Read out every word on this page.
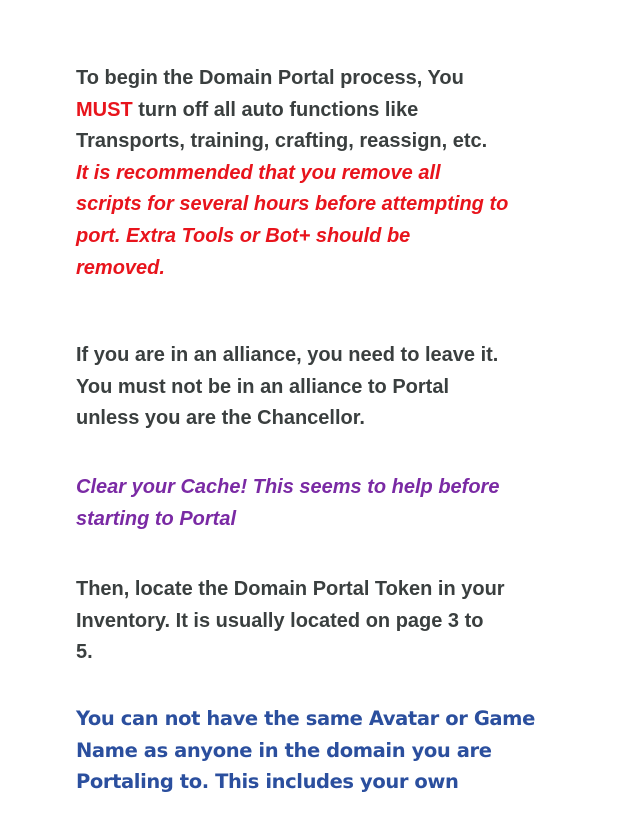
To begin the Domain Portal process, You
MUST turn off all auto functions like
Transports, training, crafting, reassign, etc.
It is recommended that you remove all
scripts for several hours before attempting to
port. Extra Tools or Bot+ should be
removed.
If you are in an alliance, you need to leave it.
You must not be in an alliance to Portal
unless you are the Chancellor.
Clear your Cache! This seems to help before
starting to Portal
Then, locate the Domain Portal Token in your
Inventory. It is usually located on page 3 to
5.
You can not have the same Avatar or Game
Name as anyone in the domain you are
Portaling to. This includes your own
